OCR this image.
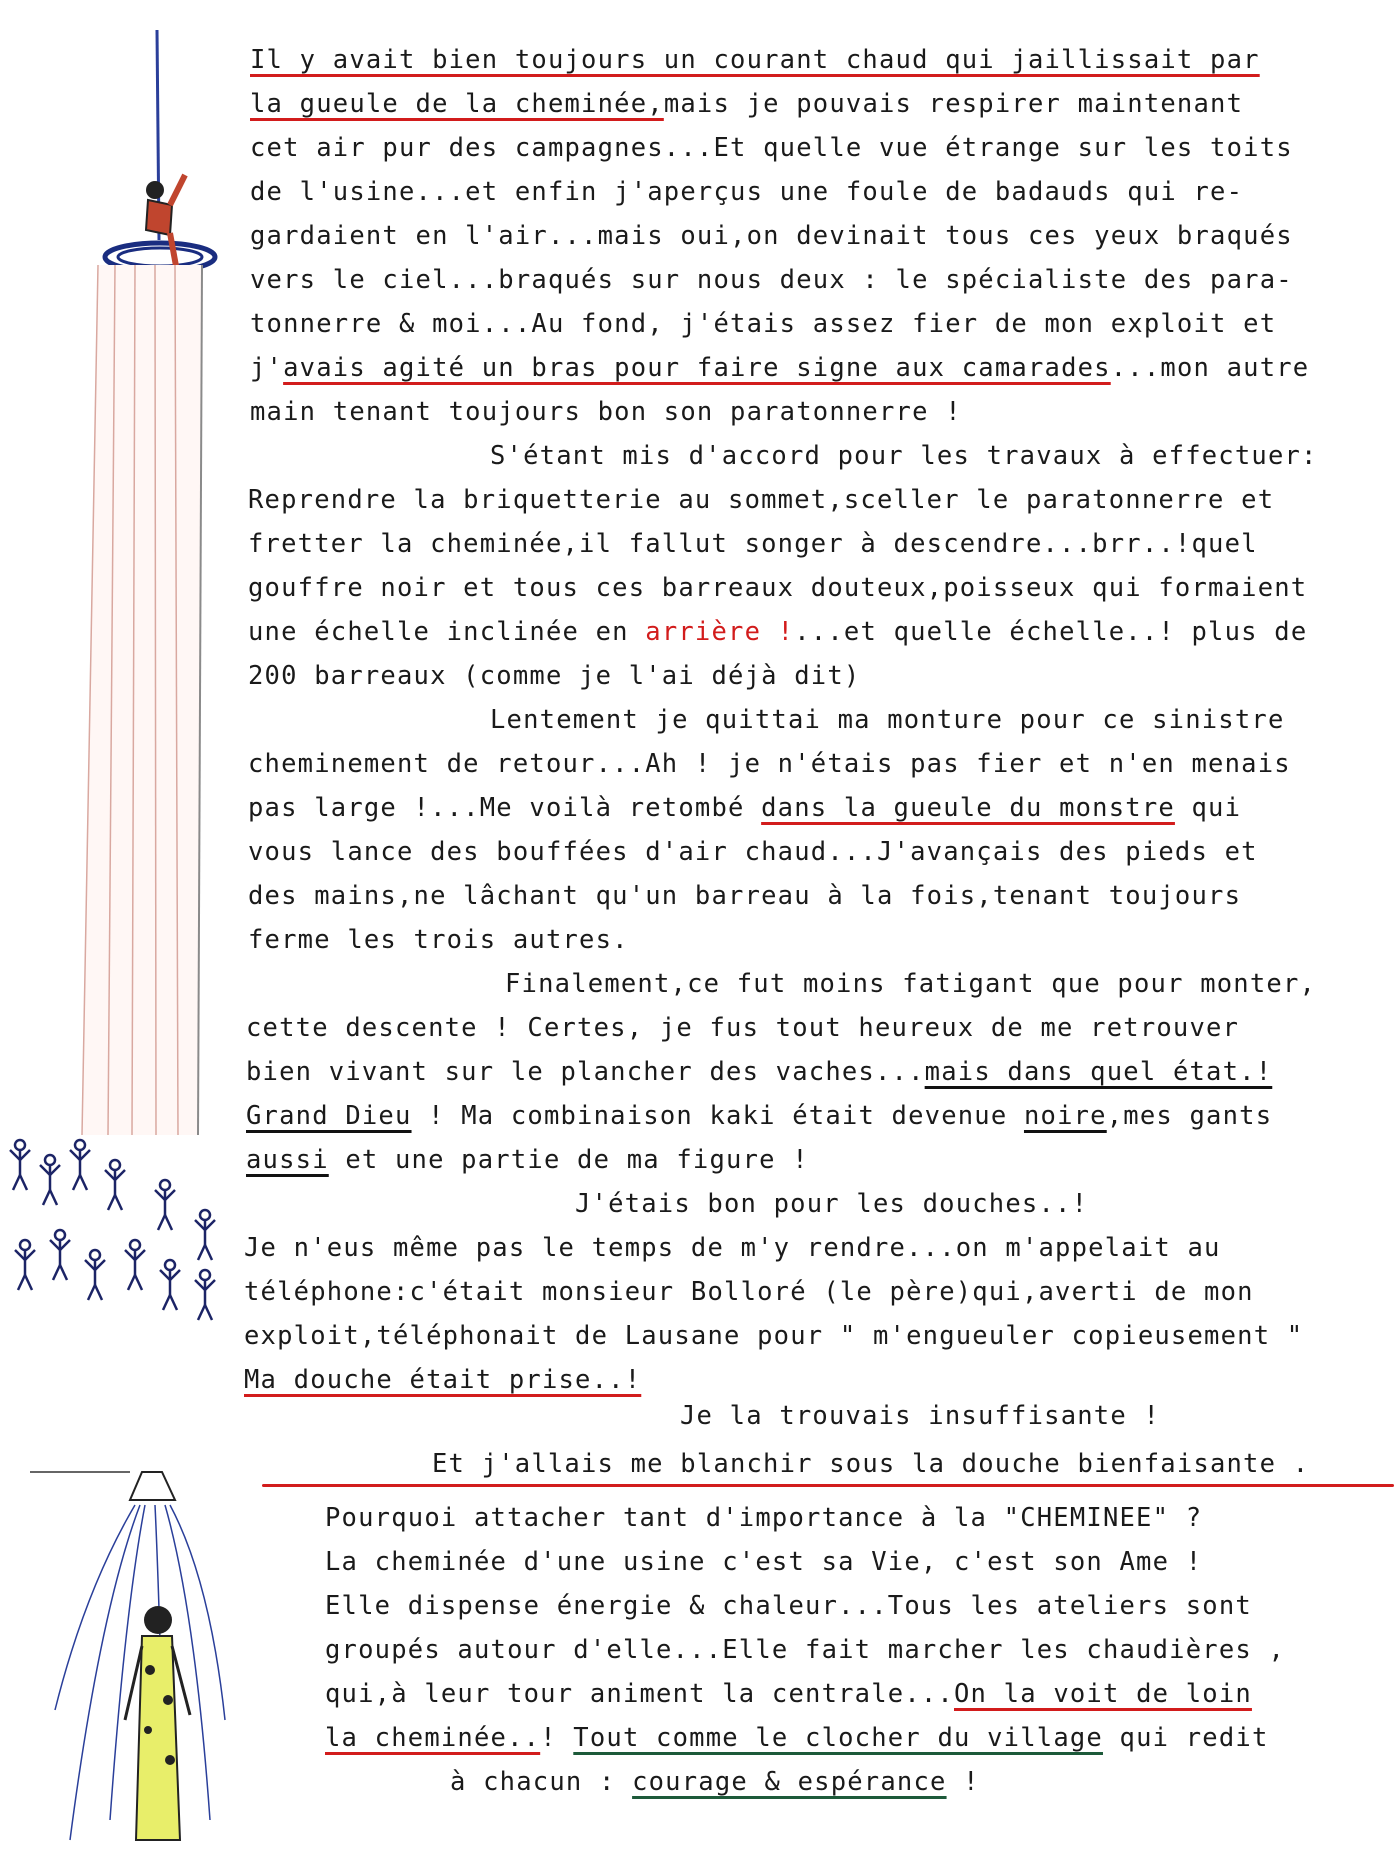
Il y avait bien toujours un courant chaud qui jaillissait par
la gueule de la cheminée,mais je pouvais respirer maintenant
cet air pur des campagnes...Et quelle vue étrange sur les toits
de l'usine...et enfin j'aperçus une foule de badauds qui re-
gardaient en l'air...mais oui,on devinait tous ces yeux braqués
vers le ciel...braqués sur nous deux : le spécialiste des para-
tonnerre & moi...Au fond, j'étais assez fier de mon exploit et
j'avais agité un bras pour faire signe aux camarades...mon autre
main tenant toujours bon son paratonnerre !
S'étant mis d'accord pour les travaux à effectuer:
Reprendre la briquetterie au sommet,sceller le paratonnerre et
fretter la cheminée,il fallut songer à descendre...brr..!quel
gouffre noir et tous ces barreaux douteux,poisseux qui formaient
une échelle inclinée en arrière !...et quelle échelle..! plus de
200 barreaux (comme je l'ai déjà dit)
Lentement je quittai ma monture pour ce sinistre
cheminement de retour...Ah ! je n'étais pas fier et n'en menais
pas large !...Me voilà retombé dans la gueule du monstre qui
vous lance des bouffées d'air chaud...J'avançais des pieds et
des mains,ne lâchant qu'un barreau à la fois,tenant toujours
ferme les trois autres.
Finalement,ce fut moins fatigant que pour monter,
cette descente ! Certes, je fus tout heureux de me retrouver
bien vivant sur le plancher des vaches...mais dans quel état.!
Grand Dieu ! Ma combinaison kaki était devenue noire,mes gants
aussi et une partie de ma figure !
J'étais bon pour les douches..!
Je n'eus même pas le temps de m'y rendre...on m'appelait au
téléphone:c'était monsieur Bolloré (le père)qui,averti de mon
exploit,téléphonait de Lausane pour " m'engueuler copieusement "
Ma douche était prise..!
Je la trouvais insuffisante !
Et j'allais me blanchir sous la douche bienfaisante .
Pourquoi attacher tant d'importance à la "CHEMINEE" ?
La cheminée d'une usine c'est sa Vie, c'est son Ame !
Elle dispense énergie & chaleur...Tous les ateliers sont
groupés autour d'elle...Elle fait marcher les chaudières ,
qui,à leur tour animent la centrale...On la voit de loin
la cheminée..! Tout comme le clocher du village qui redit
à chacun : courage & espérance !
